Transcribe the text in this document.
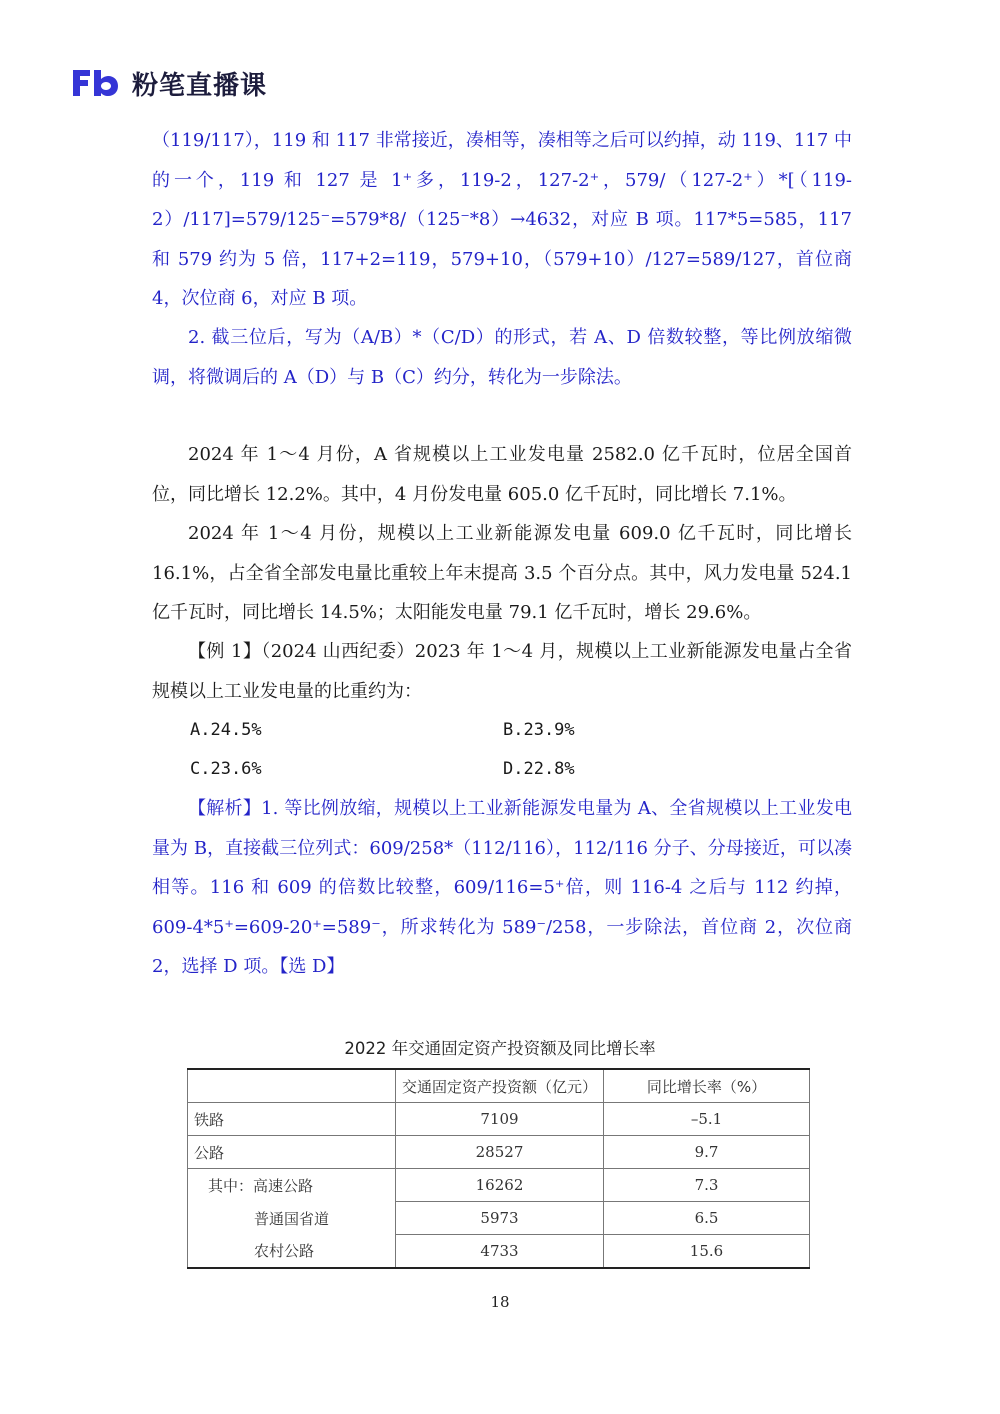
粉笔直播课

（119/117），119 和 117 非常接近，凑相等，凑相等之后可以约掉，动 119、117 中的一个，119 和 127 是 1⁺多，119-2，127-2⁺，579/（127-2⁺）*[（119-2）/117]=579/125⁻=579*8/（125⁻*8）→4632，对应 B 项。117*5=585，117 和 579 约为 5 倍，117+2=119，579+10，（579+10）/127=589/127，首位商 4，次位商 6，对应 B 项。

2. 截三位后，写为（A/B）*（C/D）的形式，若 A、D 倍数较整，等比例放缩微调，将微调后的 A（D）与 B（C）约分，转化为一步除法。

2024 年 1～4 月份，A 省规模以上工业发电量 2582.0 亿千瓦时，位居全国首位，同比增长 12.2%。其中，4 月份发电量 605.0 亿千瓦时，同比增长 7.1%。

2024 年 1～4 月份，规模以上工业新能源发电量 609.0 亿千瓦时，同比增长 16.1%，占全省全部发电量比重较上年末提高 3.5 个百分点。其中，风力发电量 524.1 亿千瓦时，同比增长 14.5%；太阳能发电量 79.1 亿千瓦时，增长 29.6%。

【例 1】（2024 山西纪委）2023 年 1～4 月，规模以上工业新能源发电量占全省规模以上工业发电量的比重约为：

A.24.5%	B.23.9%
C.23.6%	D.22.8%

【解析】1. 等比例放缩，规模以上工业新能源发电量为 A、全省规模以上工业发电量为 B，直接截三位列式：609/258*（112/116），112/116 分子、分母接近，可以凑相等。116 和 609 的倍数比较整，609/116=5⁺倍，则 116-4 之后与 112 约掉，609-4*5⁺=609-20⁺=589⁻，所求转化为 589⁻/258，一步除法，首位商 2，次位商 2，选择 D 项。【选 D】

2022 年交通固定资产投资额及同比增长率
	交通固定资产投资额（亿元）	同比增长率（%）
铁路	7109	–5.1
公路	28527	9.7
其中：高速公路	16262	7.3
普通国省道	5973	6.5
农村公路	4733	15.6
18
